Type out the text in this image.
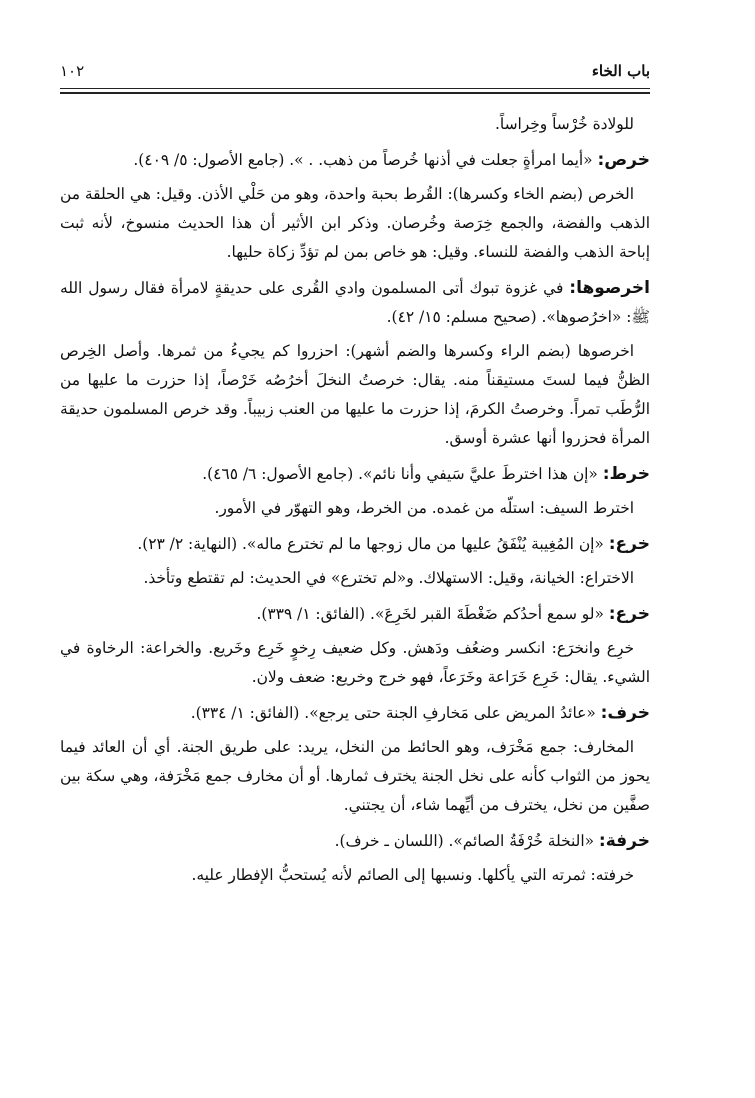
باب الخاء
١٠٢

للولادة خُرْساً وخِراساً.

خرص: «أيما امرأةٍ جعلت في أذنها خُرصاً من ذهب. . ». (جامع الأصول: ٥/ ٤٠٩).

الخرص (بضم الخاء وكسرها): القُرط بحبة واحدة، وهو من حَلْي الأذن. وقيل: هي الحلقة من الذهب والفضة، والجمع خِرَصة وخُرصان. وذكر ابن الأثير أن هذا الحديث منسوخ، لأنه ثبت إباحة الذهب والفضة للنساء. وقيل: هو خاص بمن لم تؤدِّ زكاة حليها.

اخرصوها: في غزوة تبوك أتى المسلمون وادي القُرى على حديقةٍ لامرأة فقال رسول الله ﷺ: «اخرُصوها». (صحيح مسلم: ١٥/ ٤٢).

اخرصوها (بضم الراء وكسرها والضم أشهر): احزروا كم يجيءُ من ثمرها. وأصل الخِرص الظنُّ فيما لستَ مستيقناً منه. يقال: خرصتُ النخلَ أخرُصُه خَرْصاً، إذا حزرت ما عليها من الرُّطَب تمراً. وخرصتُ الكرمَ، إذا حزرت ما عليها من العنب زبيباً. وقد خرص المسلمون حديقة المرأة فحزروا أنها عشرة أوسق.

خرط: «إن هذا اخترطَ عليَّ سَيفي وأنا نائم». (جامع الأصول: ٦/ ٤٦٥).

اخترط السيف: استلّه من غمده. من الخرط، وهو التهوّر في الأمور.

خرع: «إن المُغِيبة يُنْفَقُ عليها من مال زوجها ما لم تخترع ماله». (النهاية: ٢/ ٢٣).

الاختراع: الخيانة، وقيل: الاستهلاك. و«لم تخترع» في الحديث: لم تقتطع وتأخذ.

خرع: «لو سمع أحدُكم ضَغْطَةَ القبر لخَرِعَ». (الفائق: ١/ ٣٣٩).

خرِع وانخرَع: انكسر وضعُف ودَهش. وكل ضعيف رِخوٍ خَرِع وخَريع. والخراعة: الرخاوة في الشيء. يقال: خَرِع خَرَاعة وخَرَعاً، فهو خرج وخريع: ضعف ولان.

خرف: «عائدُ المريض على مَخارفِ الجنة حتى يرجع». (الفائق: ١/ ٣٣٤).

المخارف: جمع مَخْرَف، وهو الحائط من النخل، يريد: على طريق الجنة. أي أن العائد فيما يحوز من الثواب كأنه على نخل الجنة يخترف ثمارها. أو أن مخارف جمع مَخْرَفة، وهي سكة بين صفَّين من نخل، يخترف من أيِّهما شاء، أن يجتني.

خرفة: «النخلة خُرْفَةُ الصائم». (اللسان ـ خرف).

خرفته: ثمرته التي يأكلها. ونسبها إلى الصائم لأنه يُستحبُّ الإفطار عليه.
